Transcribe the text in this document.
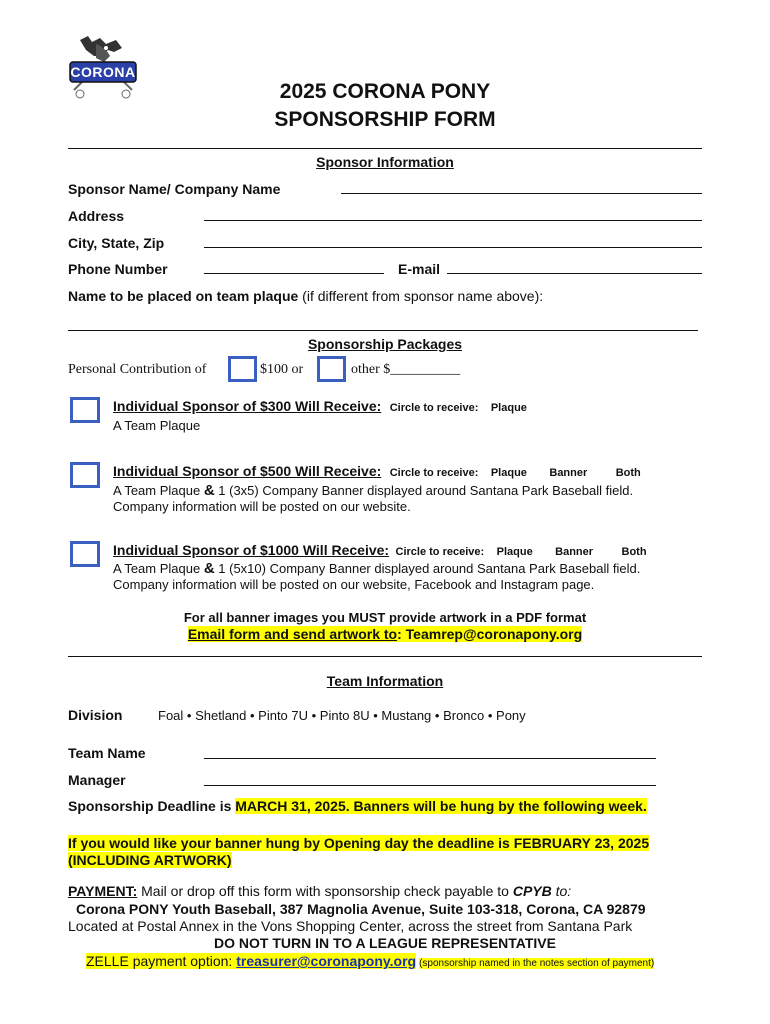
CORONA
2025 CORONA PONY
SPONSORSHIP FORM
Sponsor Information
Sponsor Name/ Company Name
Address
City, State, Zip
Phone Number	E-mail
Name to be placed on team plaque (if different from sponsor name above):
Sponsorship Packages
Personal Contribution of	$100 or	other $__________
Individual Sponsor of $300 Will Receive: Circle to receive: Plaque
A Team Plaque
Individual Sponsor of $500 Will Receive: Circle to receive: Plaque Banner	Both
A Team Plaque & 1 (3x5) Company Banner displayed around Santana Park Baseball field.
Company information will be posted on our website.
Individual Sponsor of $1000 Will Receive: Circle to receive: Plaque Banner	Both
A Team Plaque & 1 (5x10) Company Banner displayed around Santana Park Baseball field.
Company information will be posted on our website, Facebook and Instagram page.
For all banner images you MUST provide artwork in a PDF format
Email form and send artwork to: Teamrep@coronapony.org
Team Information
Division	Foal • Shetland • Pinto 7U • Pinto 8U • Mustang • Bronco • Pony
Team Name
Manager
Sponsorship Deadline is MARCH 31, 2025. Banners will be hung by the following week.
If you would like your banner hung by Opening day the deadline is FEBRUARY 23, 2025
(INCLUDING ARTWORK)
PAYMENT: Mail or drop off this form with sponsorship check payable to CPYB to:
Corona PONY Youth Baseball, 387 Magnolia Avenue, Suite 103-318, Corona, CA 92879
Located at Postal Annex in the Vons Shopping Center, across the street from Santana Park
DO NOT TURN IN TO A LEAGUE REPRESENTATIVE
ZELLE payment option: treasurer@coronapony.org (sponsorship named in the notes section of payment)
